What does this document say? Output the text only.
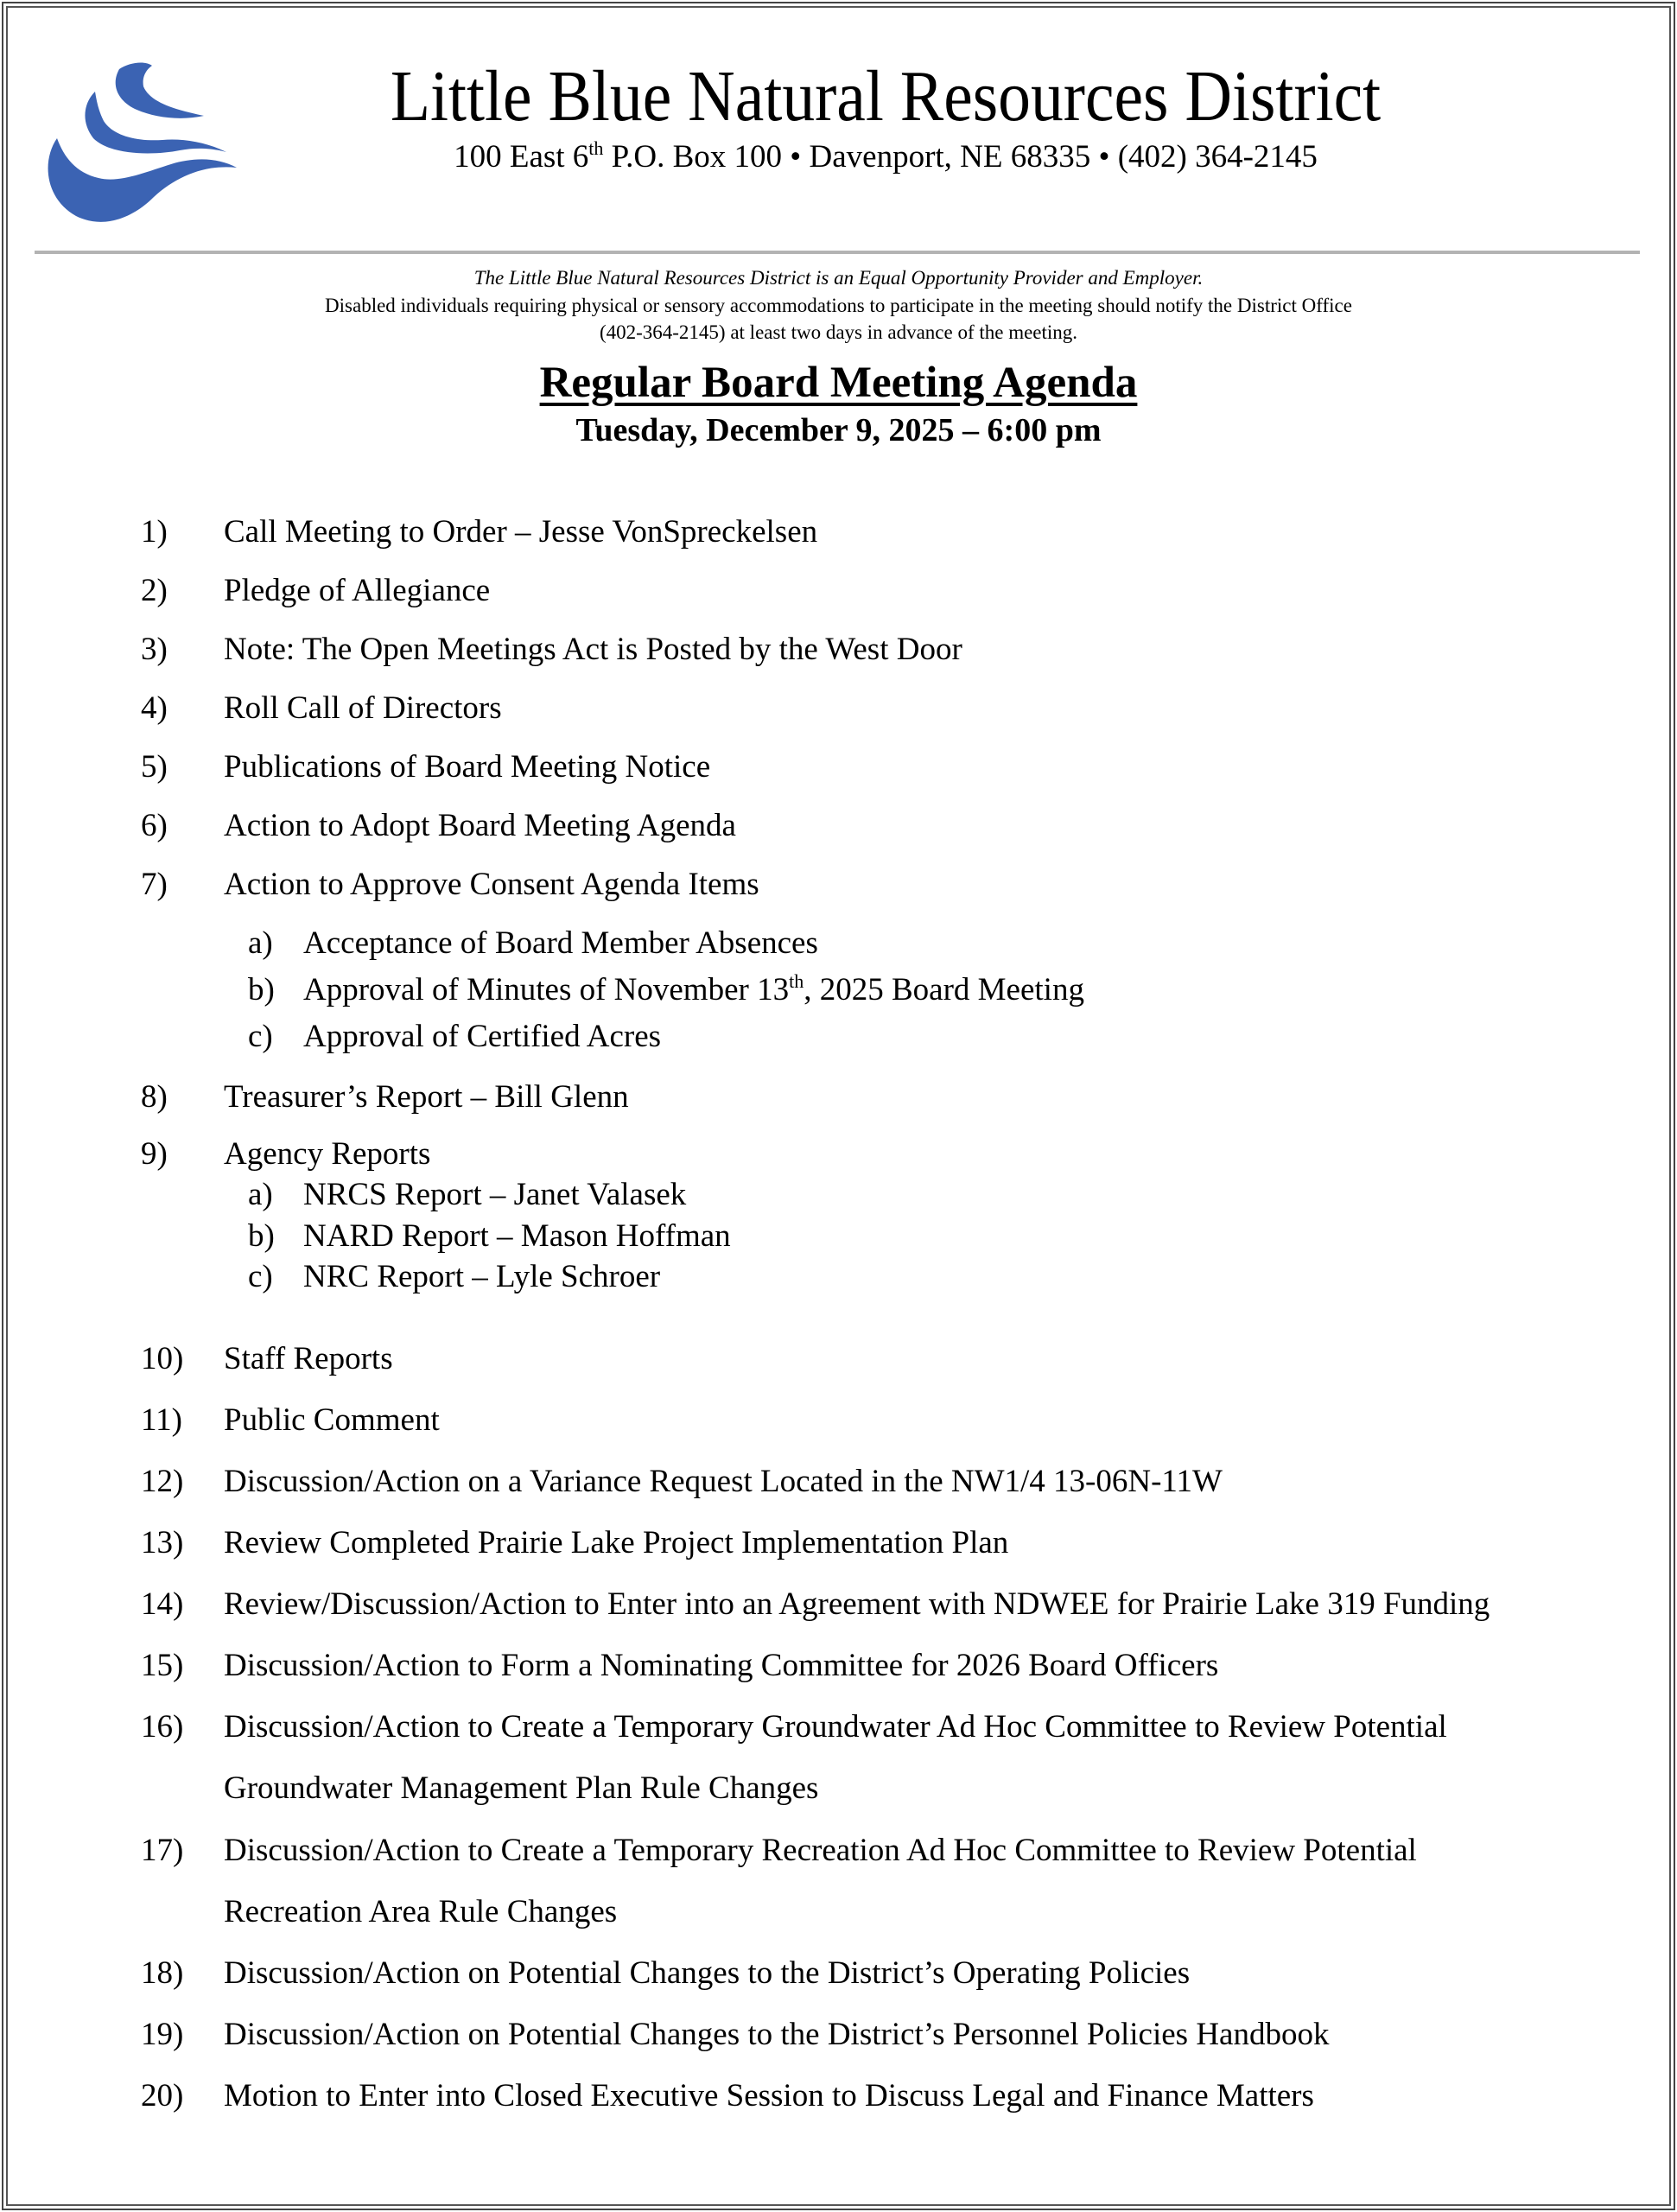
Little Blue Natural Resources District
100 East 6th P.O. Box 100 • Davenport, NE 68335 • (402) 364-2145
The Little Blue Natural Resources District is an Equal Opportunity Provider and Employer.
Disabled individuals requiring physical or sensory accommodations to participate in the meeting should notify the District Office
(402-364-2145) at least two days in advance of the meeting.
Regular Board Meeting Agenda
Tuesday, December 9, 2025 – 6:00 pm
1)	Call Meeting to Order – Jesse VonSpreckelsen
2)	Pledge of Allegiance
3)	Note: The Open Meetings Act is Posted by the West Door
4)	Roll Call of Directors
5)	Publications of Board Meeting Notice
6)	Action to Adopt Board Meeting Agenda
7)	Action to Approve Consent Agenda Items
a) Acceptance of Board Member Absences
b) Approval of Minutes of November 13th, 2025 Board Meeting
c) Approval of Certified Acres
8)	Treasurer’s Report – Bill Glenn
9)	Agency Reports
a) NRCS Report – Janet Valasek
b) NARD Report – Mason Hoffman
c) NRC Report – Lyle Schroer
10)	Staff Reports
11)	Public Comment
12)	Discussion/Action on a Variance Request Located in the NW1/4 13-06N-11W
13)	Review Completed Prairie Lake Project Implementation Plan
14)	Review/Discussion/Action to Enter into an Agreement with NDWEE for Prairie Lake 319 Funding
15)	Discussion/Action to Form a Nominating Committee for 2026 Board Officers
16)	Discussion/Action to Create a Temporary Groundwater Ad Hoc Committee to Review Potential
Groundwater Management Plan Rule Changes
17)	Discussion/Action to Create a Temporary Recreation Ad Hoc Committee to Review Potential
Recreation Area Rule Changes
18)	Discussion/Action on Potential Changes to the District’s Operating Policies
19)	Discussion/Action on Potential Changes to the District’s Personnel Policies Handbook
20)	Motion to Enter into Closed Executive Session to Discuss Legal and Finance Matters
